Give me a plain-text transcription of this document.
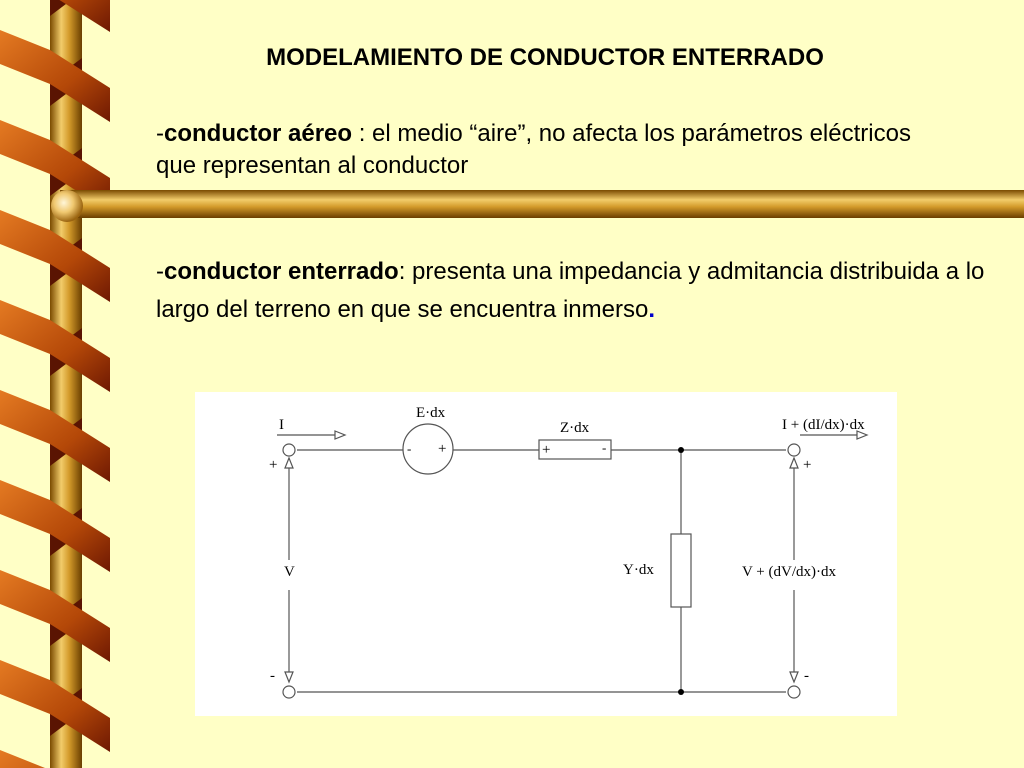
MODELAMIENTO DE CONDUCTOR ENTERRADO
-conductor aéreo : el medio “aire”, no afecta los parámetros eléctricos que representan al conductor
-conductor enterrado: presenta una impedancia y admitancia distribuida a lo largo del terreno en que se encuentra inmerso.
I
E·dx
- +
Z·dx
+	-
I + (dI/dx)·dx
+	+
V	Y·dx	V + (dV/dx)·dx
-	-
